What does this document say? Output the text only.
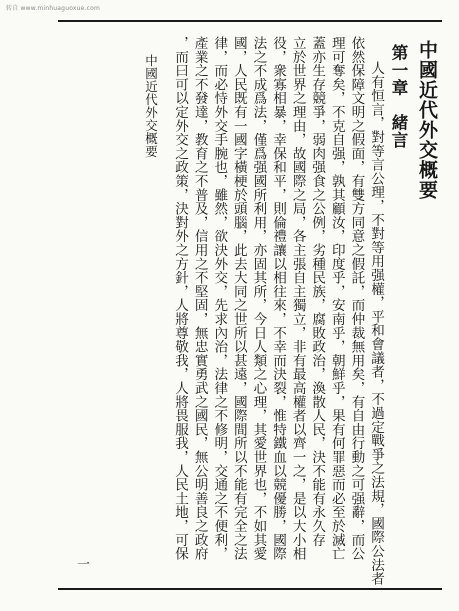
转自 www.minhuaguoxue.com
中國近代外交概要
第一章　緒言
人有恒言，對等言公理，不對等用强權，平和會議者，不過定戰爭之法規，國際公法者
依然保障文明之假面，有雙方同意之假託，而仲裁無用矣，有自由行動之可强辭，而公
理可奪矣，不克自强，孰其顧汝，印度乎，安南乎，朝鮮乎，果有何罪惡而必至於滅亡
蓋亦生存競爭，弱肉强食之公例，劣種民族，腐敗政治，渙散人民，決不能有永久存
立於世界之理由，故國際之局，各主張自主獨立，非有最高權者以齊一之，是以大小相
役，衆寡相暴，幸保和平，則倫禮讓以相往來，不幸而決裂，惟特鐵血以競優勝，國際
法之不成爲法，僅爲强國所利用，亦固其所，今日人類之心理，其愛世界也，不如其愛
國，人民既有一國字橫梗於頭腦，此去大同之世所以甚遠，國際間所以不能有完全之法
律，而必恃外交手腕也，雖然，欲決外交，先求內治，法律之不修明，交通之不便利，
產業之不發達，教育之不普及，信用之不堅固，無忠實勇武之國民，無公明善良之政府
，而曰可以定外交之政策，決對外之方針，人將尊敬我，人將畏服我，人民土地，可保
中國近代外交概要
一
